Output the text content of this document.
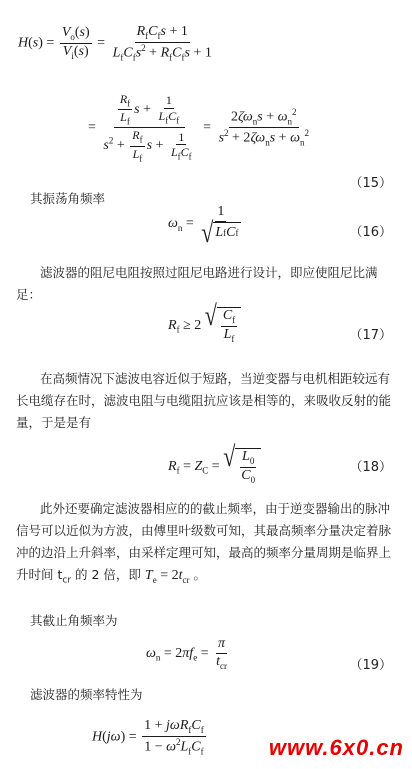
$H(s) = \frac{V_o(s)}{V_i(s)} = \frac{R_fC_fs + 1}{L_fC_fs^2 + R_fC_fs + 1}$
= $\frac{\frac{R_f}{L_f} s + \frac{1}{L_fC_f}}{s^2 + \frac{R_f}{L_f} s + \frac{1}{L_fC_f}} = \frac{2\zeta\omega_ns + \omega_n^2}{s^2 + 2\zeta\omega_ns + \omega_n^2}$
（15）
其振荡角频率
$\omega_n = \frac{1}{\text{√ L f C f}}$	（16）
滤波器的阻尼电阻按照过阻尼电路进行设计，即应使阻尼比满足：
$R_f \ge 2$ √ $\frac{C_f}{L_f}$	（17）
在高频情况下滤波电容近似于短路，当逆变器与电机相距较远有长电缆存在时，滤波电阻与电缆阻抗应该是相等的，来吸收反射的能量，于是是有
$R_f = Z_C$ = √ $\frac{L_0}{C_0}$	（18）
此外还要确定滤波器相应的的截止频率，由于逆变器输出的脉冲信号可以近似为方波，由傅里叶级数可知，其最高频率分量决定着脉冲的边沿上升斜率，由采样定理可知，最高的频率分量周期是临界上升时间 $t_{cr}$ 的 2 倍，即 $T_e = 2t_{cr}$ 。
其截止角频率为
$\omega_n = 2\pi f_e = \frac{\pi}{t_{cr}}$	（19）
滤波器的频率特性为
$H(j\omega) = \frac{1 + j\omega R_fC_f}{1 - \omega^2L_fC_f}$	www.6x0.cn
